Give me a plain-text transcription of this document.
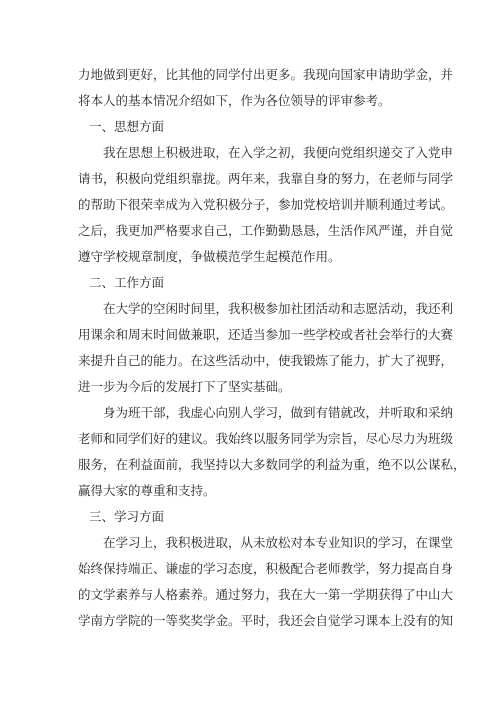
力地做到更好，比其他的同学付出更多。我现向国家申请助学金，并
将本人的基本情况介绍如下，作为各位领导的评审参考。
一、思想方面
我在思想上积极进取，在入学之初，我便向党组织递交了入党申
请书，积极向党组织靠拢。两年来，我靠自身的努力，在老师与同学
的帮助下很荣幸成为入党积极分子，参加党校培训并顺利通过考试。
之后，我更加严格要求自己，工作勤勤恳恳，生活作风严谨，并自觉
遵守学校规章制度，争做模范学生起模范作用。
二、工作方面
在大学的空闲时间里，我积极参加社团活动和志愿活动，我还利
用课余和周末时间做兼职，还适当参加一些学校或者社会举行的大赛
来提升自己的能力。在这些活动中，使我锻炼了能力，扩大了视野，
进一步为今后的发展打下了坚实基础。
身为班干部，我虚心向别人学习，做到有错就改，并听取和采纳
老师和同学们好的建议。我始终以服务同学为宗旨，尽心尽力为班级
服务，在利益面前，我坚持以大多数同学的利益为重，绝不以公谋私，
赢得大家的尊重和支持。
三、学习方面
在学习上，我积极进取，从未放松对本专业知识的学习，在课堂
始终保持端正、谦虚的学习态度，积极配合老师教学，努力提高自身
的文学素养与人格素养。通过努力，我在大一第一学期获得了中山大
学南方学院的一等奖奖学金。平时，我还会自觉学习课本上没有的知
